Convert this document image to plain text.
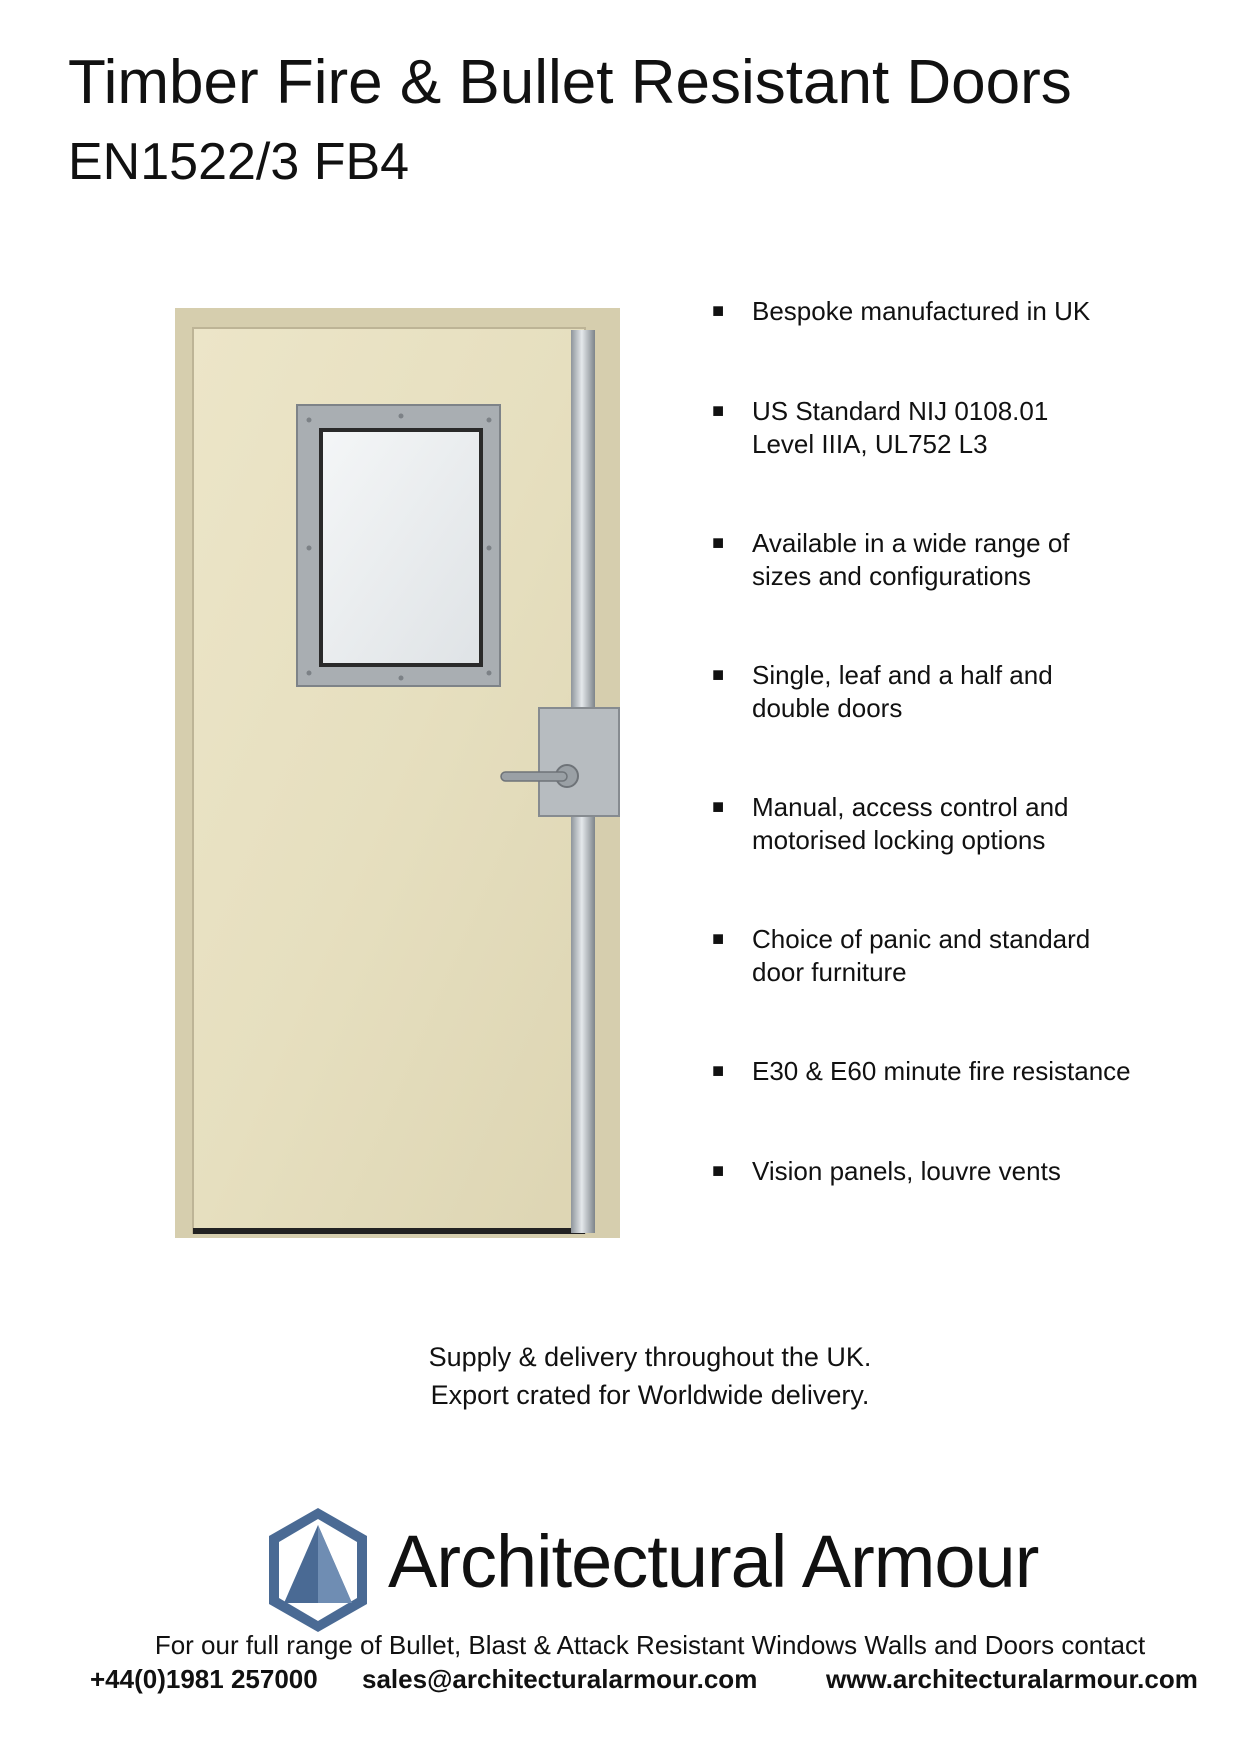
Timber Fire & Bullet Resistant Doors
EN1522/3 FB4
■ Bespoke manufactured in UK
■ US Standard NIJ 0108.01
Level IIIA, UL752 L3
■ Available in a wide range of
sizes and configurations
■ Single, leaf and a half and
double doors
■ Manual, access control and
motorised locking options
■ Choice of panic and standard
door furniture
■ E30 & E60 minute fire resistance
■ Vision panels, louvre vents

Supply & delivery throughout the UK.

Export crated for Worldwide delivery.

Architectural Armour
For our full range of Bullet, Blast & Attack Resistant Windows Walls and Doors contact
+44(0)1981 257000 sales@architecturalarmour.com	www.architecturalarmour.com
